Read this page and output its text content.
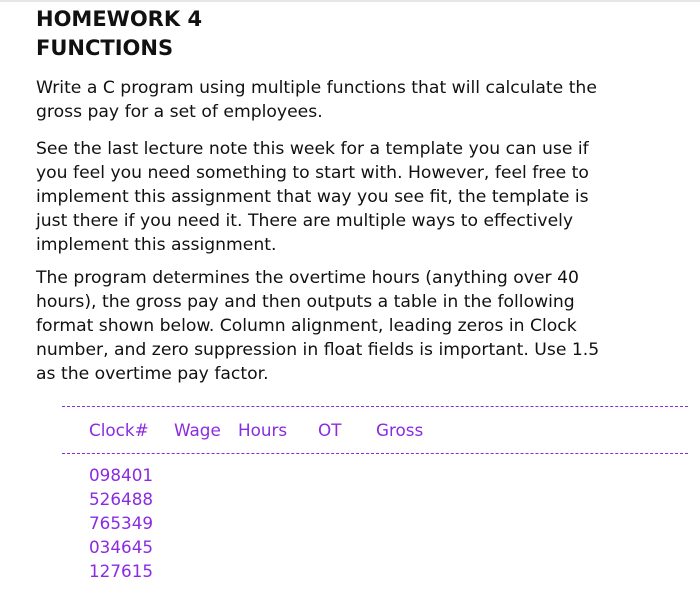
HOMEWORK 4
FUNCTIONS

Write a C program using multiple functions that will calculate the
gross pay for a set of employees.

See the last lecture note this week for a template you can use if
you feel you need something to start with. However, feel free to
implement this assignment that way you see fit, the template is
just there if you need it. There are multiple ways to effectively
implement this assignment.

The program determines the overtime hours (anything over 40
hours), the gross pay and then outputs a table in the following
format shown below. Column alignment, leading zeros in Clock
number, and zero suppression in float fields is important. Use 1.5
as the overtime pay factor.

Clock# Wage Hours OT Gross
098401
526488
765349
034645
127615
